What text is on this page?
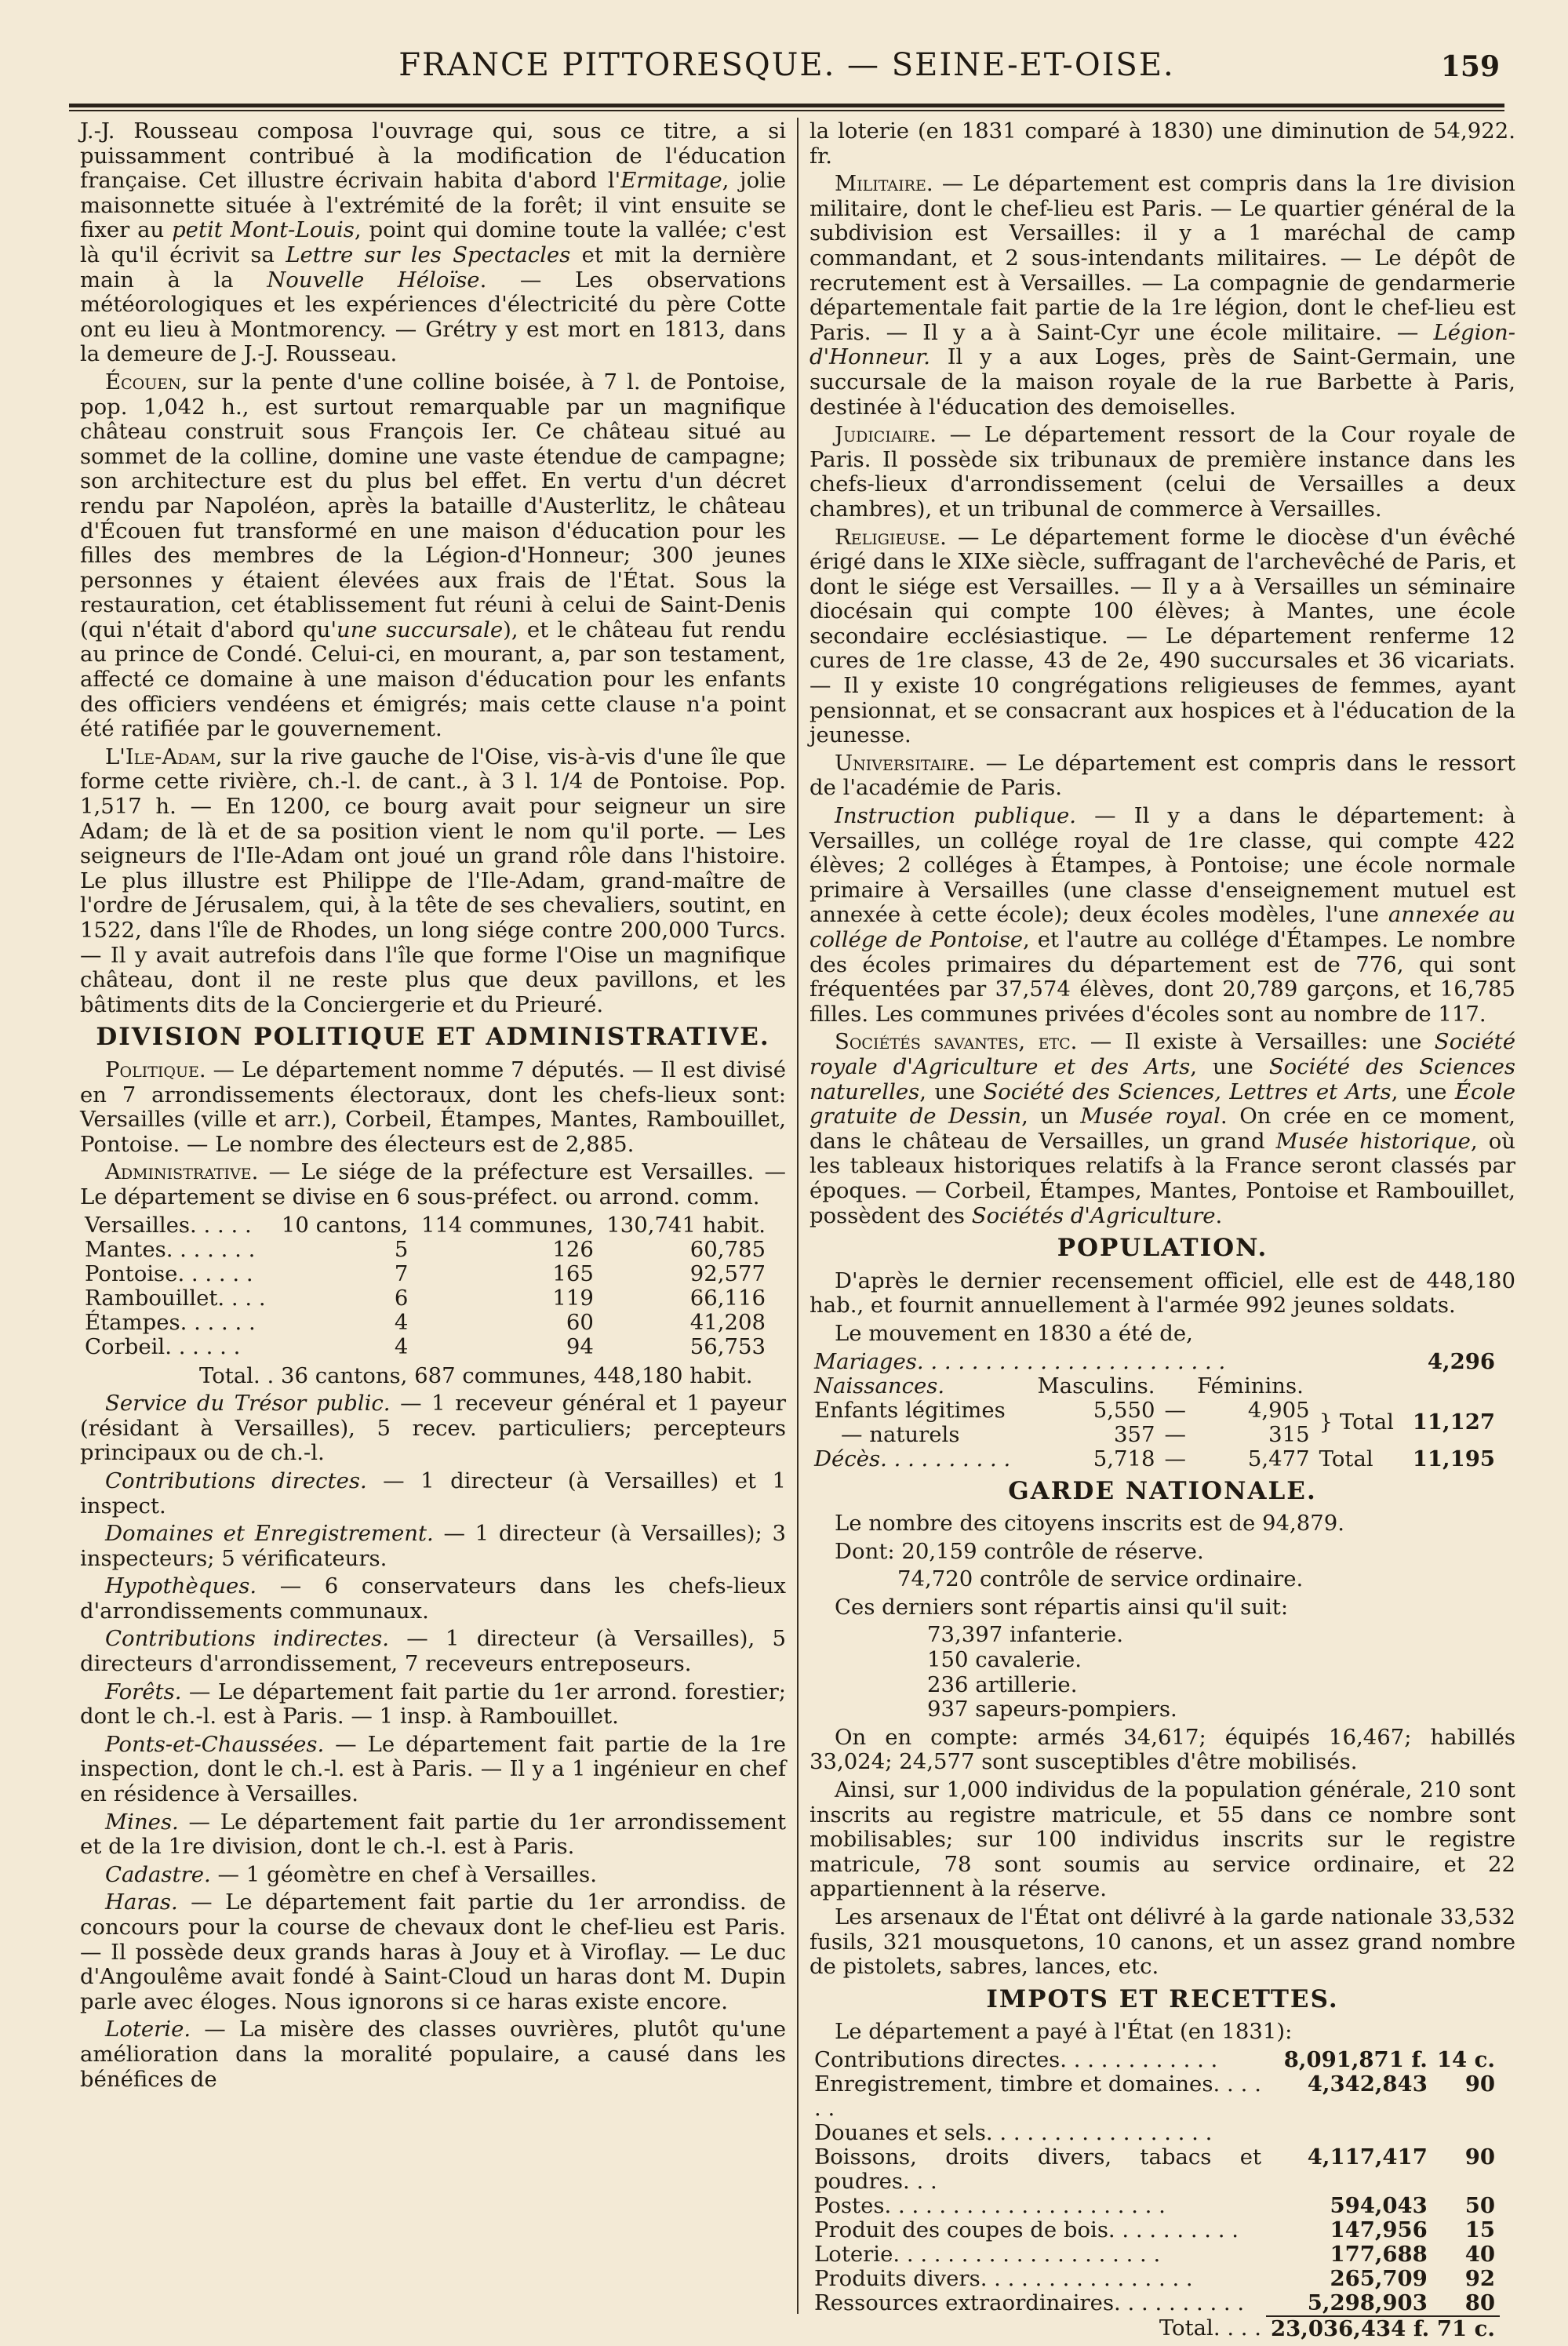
FRANCE PITTORESQUE. — SEINE-ET-OISE.	159

J.-J. Rousseau composa l'ouvrage qui, sous ce titre, a si puissamment contribué à la modification de l'éducation française. Cet illustre écrivain habita d'abord l'Ermitage, jolie maisonnette située à l'extrémité de la forêt; il vint ensuite se fixer au petit Mont-Louis, point qui domine toute la vallée; c'est là qu'il écrivit sa Lettre sur les Spectacles et mit la dernière main à la Nouvelle Héloïse. — Les observations météorologiques et les expériences d'électricité du père Cotte ont eu lieu à Montmorency. — Grétry y est mort en 1813, dans la demeure de J.-J. Rousseau.

Écouen, sur la pente d'une colline boisée, à 7 l. de Pontoise, pop. 1,042 h., est surtout remarquable par un magnifique château construit sous François Ier. Ce château situé au sommet de la colline, domine une vaste étendue de campagne; son architecture est du plus bel effet. En vertu d'un décret rendu par Napoléon, après la bataille d'Austerlitz, le château d'Écouen fut transformé en une maison d'éducation pour les filles des membres de la Légion-d'Honneur; 300 jeunes personnes y étaient élevées aux frais de l'État. Sous la restauration, cet établissement fut réuni à celui de Saint-Denis (qui n'était d'abord qu'une succursale), et le château fut rendu au prince de Condé. Celui-ci, en mourant, a, par son testament, affecté ce domaine à une maison d'éducation pour les enfants des officiers vendéens et émigrés; mais cette clause n'a point été ratifiée par le gouvernement.

L'Ile-Adam, sur la rive gauche de l'Oise, vis-à-vis d'une île que forme cette rivière, ch.-l. de cant., à 3 l. 1/4 de Pontoise. Pop. 1,517 h. — En 1200, ce bourg avait pour seigneur un sire Adam; de là et de sa position vient le nom qu'il porte. — Les seigneurs de l'Ile-Adam ont joué un grand rôle dans l'histoire. Le plus illustre est Philippe de l'Ile-Adam, grand-maître de l'ordre de Jérusalem, qui, à la tête de ses chevaliers, soutint, en 1522, dans l'île de Rhodes, un long siége contre 200,000 Turcs. — Il y avait autrefois dans l'île que forme l'Oise un magnifique château, dont il ne reste plus que deux pavillons, et les bâtiments dits de la Conciergerie et du Prieuré.

DIVISION POLITIQUE ET ADMINISTRATIVE.

Politique. — Le département nomme 7 députés. — Il est divisé en 7 arrondissements électoraux, dont les chefs-lieux sont: Versailles (ville et arr.), Corbeil, Étampes, Mantes, Rambouillet, Pontoise. — Le nombre des électeurs est de 2,885.

Administrative. — Le siége de la préfecture est Versailles. — Le département se divise en 6 sous-préfect. ou arrond. comm.

Versailles. . . . .	10 cantons,	114 communes,	130,741 habit.
Mantes. . . . . . .	5	126	60,785
Pontoise. . . . . .	7	165	92,577
Rambouillet. . . .	6	119	66,116
Étampes. . . . . .	4	60	41,208
Corbeil. . . . . .	4	94	56,753

Total. . 36 cantons, 687 communes, 448,180 habit.

Service du Trésor public. — 1 receveur général et 1 payeur (résidant à Versailles), 5 recev. particuliers; percepteurs principaux ou de ch.-l.

Contributions directes. — 1 directeur (à Versailles) et 1 inspect.

Domaines et Enregistrement. — 1 directeur (à Versailles); 3 inspecteurs; 5 vérificateurs.

Hypothèques. — 6 conservateurs dans les chefs-lieux d'arrondissements communaux.

Contributions indirectes. — 1 directeur (à Versailles), 5 directeurs d'arrondissement, 7 receveurs entreposeurs.

Forêts. — Le département fait partie du 1er arrond. forestier; dont le ch.-l. est à Paris. — 1 insp. à Rambouillet.

Ponts-et-Chaussées. — Le département fait partie de la 1re inspection, dont le ch.-l. est à Paris. — Il y a 1 ingénieur en chef en résidence à Versailles.

Mines. — Le département fait partie du 1er arrondissement et de la 1re division, dont le ch.-l. est à Paris.

Cadastre. — 1 géomètre en chef à Versailles.

Haras. — Le département fait partie du 1er arrondiss. de concours pour la course de chevaux dont le chef-lieu est Paris. — Il possède deux grands haras à Jouy et à Viroflay. — Le duc d'Angoulême avait fondé à Saint-Cloud un haras dont M. Dupin parle avec éloges. Nous ignorons si ce haras existe encore.

Loterie. — La misère des classes ouvrières, plutôt qu'une amélioration dans la moralité populaire, a causé dans les bénéfices de

la loterie (en 1831 comparé à 1830) une diminution de 54,922. fr.

Militaire. — Le département est compris dans la 1re division militaire, dont le chef-lieu est Paris. — Le quartier général de la subdivision est Versailles: il y a 1 maréchal de camp commandant, et 2 sous-intendants militaires. — Le dépôt de recrutement est à Versailles. — La compagnie de gendarmerie départementale fait partie de la 1re légion, dont le chef-lieu est Paris. — Il y a à Saint-Cyr une école militaire. — Légion-d'Honneur. Il y a aux Loges, près de Saint-Germain, une succursale de la maison royale de la rue Barbette à Paris, destinée à l'éducation des demoiselles.

Judiciaire. — Le département ressort de la Cour royale de Paris. Il possède six tribunaux de première instance dans les chefs-lieux d'arrondissement (celui de Versailles a deux chambres), et un tribunal de commerce à Versailles.

Religieuse. — Le département forme le diocèse d'un évêché érigé dans le XIXe siècle, suffragant de l'archevêché de Paris, et dont le siége est Versailles. — Il y a à Versailles un séminaire diocésain qui compte 100 élèves; à Mantes, une école secondaire ecclésiastique. — Le département renferme 12 cures de 1re classe, 43 de 2e, 490 succursales et 36 vicariats. — Il y existe 10 congrégations religieuses de femmes, ayant pensionnat, et se consacrant aux hospices et à l'éducation de la jeunesse.

Universitaire. — Le département est compris dans le ressort de l'académie de Paris.

Instruction publique. — Il y a dans le département: à Versailles, un collége royal de 1re classe, qui compte 422 élèves; 2 colléges à Étampes, à Pontoise; une école normale primaire à Versailles (une classe d'enseignement mutuel est annexée à cette école); deux écoles modèles, l'une annexée au collége de Pontoise, et l'autre au collége d'Étampes. Le nombre des écoles primaires du département est de 776, qui sont fréquentées par 37,574 élèves, dont 20,789 garçons, et 16,785 filles. Les communes privées d'écoles sont au nombre de 117.

Sociétés savantes, etc. — Il existe à Versailles: une Société royale d'Agriculture et des Arts, une Société des Sciences naturelles, une Société des Sciences, Lettres et Arts, une École gratuite de Dessin, un Musée royal. On crée en ce moment, dans le château de Versailles, un grand Musée historique, où les tableaux historiques relatifs à la France seront classés par époques. — Corbeil, Étampes, Mantes, Pontoise et Rambouillet, possèdent des Sociétés d'Agriculture.

POPULATION.

D'après le dernier recensement officiel, elle est de 448,180 hab., et fournit annuellement à l'armée 992 jeunes soldats.

Le mouvement en 1830 a été de,

Mariages. . . . . . . . . . . . . . . . . . . . . . .					4,296
Naissances.	Masculins.		Féminins.		
Enfants légitimes	5,550	—	4,905	} Total	11,127
— naturels	357	—	315		
Décès. . . . . . . . . .	5,718	—	5,477	Total	11,195
GARDE NATIONALE.

Le nombre des citoyens inscrits est de 94,879.

Dont: 20,159 contrôle de réserve.

74,720 contrôle de service ordinaire.

Ces derniers sont répartis ainsi qu'il suit:

73,397 infanterie.
150 cavalerie.
236 artillerie.
937 sapeurs-pompiers.

On en compte: armés 34,617; équipés 16,467; habillés 33,024; 24,577 sont susceptibles d'être mobilisés.

Ainsi, sur 1,000 individus de la population générale, 210 sont inscrits au registre matricule, et 55 dans ce nombre sont mobilisables; sur 100 individus inscrits sur le registre matricule, 78 sont soumis au service ordinaire, et 22 appartiennent à la réserve.

Les arsenaux de l'État ont délivré à la garde nationale 33,532 fusils, 321 mousquetons, 10 canons, et un assez grand nombre de pistolets, sabres, lances, etc.

IMPOTS ET RECETTES.

Le département a payé à l'État (en 1831):

Contributions directes. . . . . . . . . . . .	8,091,871 f.	14 c.
Enregistrement, timbre et domaines. . . . . .	4,342,843	90
Douanes et sels. . . . . . . . . . . . . . . . .		
Boissons, droits divers, tabacs et poudres. . .	4,117,417	90
Postes. . . . . . . . . . . . . . . . . . . . .	594,043	50
Produit des coupes de bois. . . . . . . . . .	147,956	15
Loterie. . . . . . . . . . . . . . . . . . . .	177,688	40
Produits divers. . . . . . . . . . . . . . . .	265,709	92
Ressources extraordinaires. . . . . . . . . .	5,298,903	80
Total. . . .	23,036,434 f. 71 c.	
